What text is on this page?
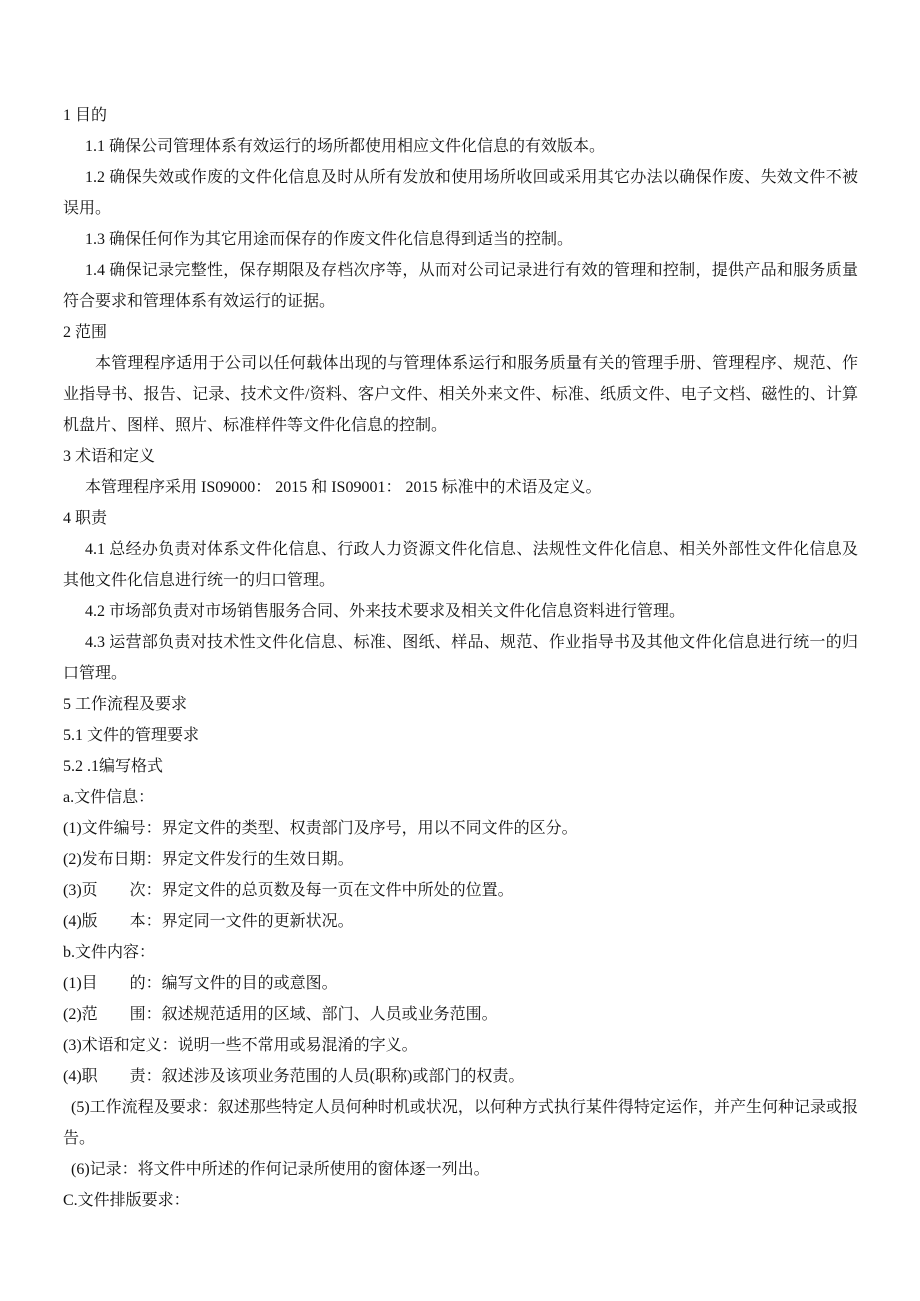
1 目的

1.1 确保公司管理体系有效运行的场所都使用相应文件化信息的有效版本。

1.2 确保失效或作废的文件化信息及时从所有发放和使用场所收回或采用其它办法以确保作废、失效文件不被误用。

1.3 确保任何作为其它用途而保存的作废文件化信息得到适当的控制。

1.4 确保记录完整性，保存期限及存档次序等，从而对公司记录进行有效的管理和控制，提供产品和服务质量符合要求和管理体系有效运行的证据。

2 范围

本管理程序适用于公司以任何载体出现的与管理体系运行和服务质量有关的管理手册、管理程序、规范、作业指导书、报告、记录、技术文件/资料、客户文件、相关外来文件、标准、纸质文件、电子文档、磁性的、计算机盘片、图样、照片、标准样件等文件化信息的控制。

3 术语和定义

本管理程序采用 IS09000： 2015 和 IS09001： 2015 标准中的术语及定义。

4 职责

4.1 总经办负责对体系文件化信息、行政人力资源文件化信息、法规性文件化信息、相关外部性文件化信息及其他文件化信息进行统一的归口管理。

4.2 市场部负责对市场销售服务合同、外来技术要求及相关文件化信息资料进行管理。

4.3 运营部负责对技术性文件化信息、标准、图纸、样品、规范、作业指导书及其他文件化信息进行统一的归口管理。

5 工作流程及要求

5.1 文件的管理要求

5.2 .1编写格式

a.文件信息：

(1)文件编号：界定文件的类型、权责部门及序号，用以不同文件的区分。

(2)发布日期：界定文件发行的生效日期。

(3)页　　次：界定文件的总页数及每一页在文件中所处的位置。

(4)版　　本：界定同一文件的更新状况。

b.文件内容：

(1)目　　的：编写文件的目的或意图。

(2)范　　围：叙述规范适用的区域、部门、人员或业务范围。

(3)术语和定义：说明一些不常用或易混淆的字义。

(4)职　　责：叙述涉及该项业务范围的人员(职称)或部门的权责。

(5)工作流程及要求：叙述那些特定人员何种时机或状况，以何种方式执行某件得特定运作，并产生何种记录或报告。

(6)记录：将文件中所述的作何记录所使用的窗体逐一列出。

C.文件排版要求：
